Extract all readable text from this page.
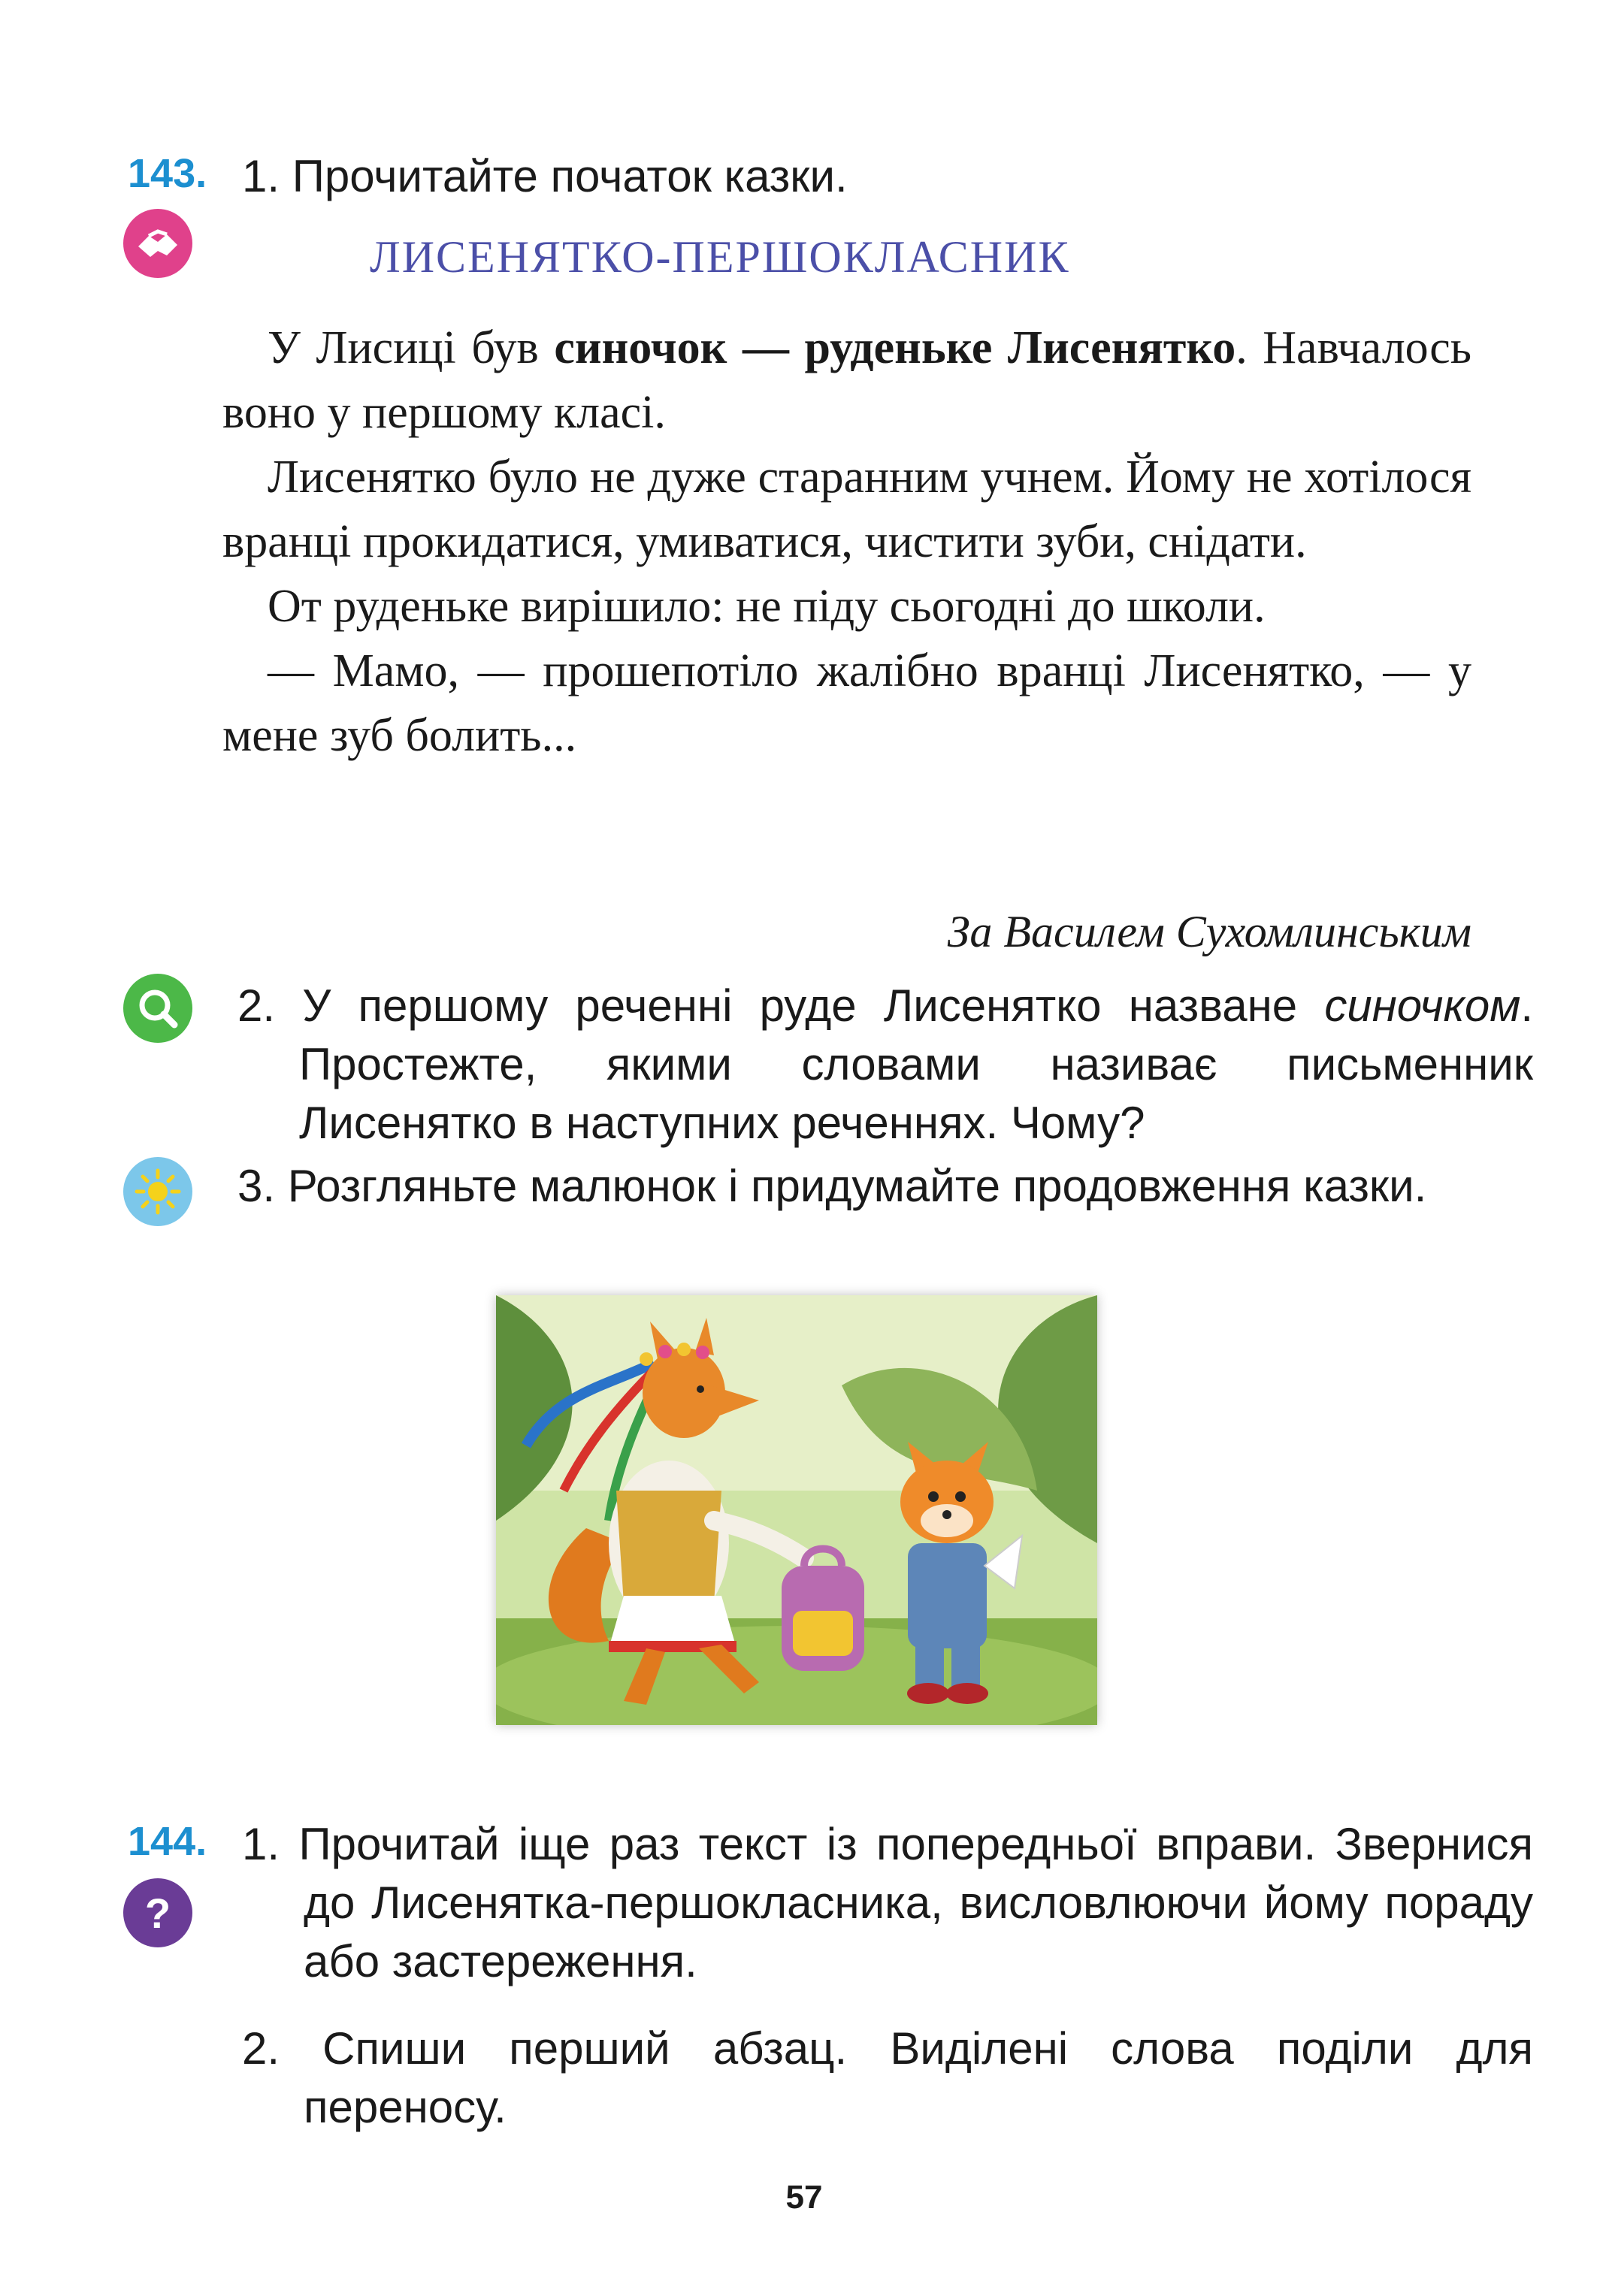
143. 1. Прочитайте початок казки.
ЛИСЕНЯТКО-ПЕРШОКЛАСНИК

У Лисиці був синочок — руденьке Лисенятко. Навчалось воно у першому класі.

Лисенятко було не дуже старанним учнем. Йому не хотілося вранці прокидатися, умиватися, чистити зуби, снідати.

От руденьке вирішило: не піду сьогодні до школи.

— Мамо, — прошепотіло жалібно вранці Лисенятко, — у мене зуб болить...

За Василем Сухомлинським
2. У першому реченні руде Лисенятко назване синочком. Простежте, якими словами називає письменник Лисенятко в наступних реченнях. Чому?
3. Розгляньте малюнок і придумайте продовження казки.
144.
?
1. Прочитай іще раз текст із попередньої вправи. Звернися до Лисенятка-першокласника, висловлюючи йому пораду або застереження.
2. Спиши перший абзац. Виділені слова поділи для переносу.
57
